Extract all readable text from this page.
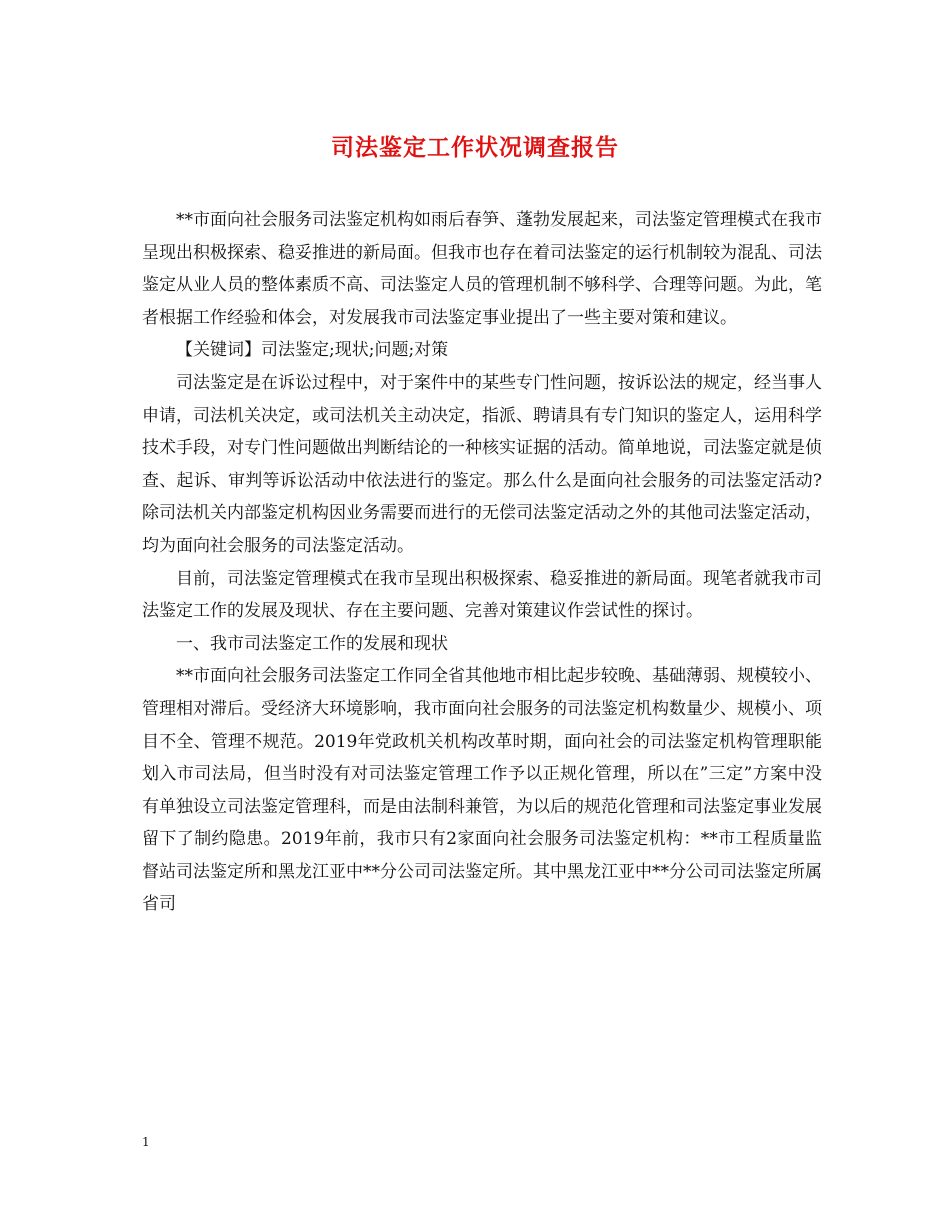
司法鉴定工作状况调查报告

**市面向社会服务司法鉴定机构如雨后春笋、蓬勃发展起来，司法鉴定管理模式在我市呈现出积极探索、稳妥推进的新局面。但我市也存在着司法鉴定的运行机制较为混乱、司法鉴定从业人员的整体素质不高、司法鉴定人员的管理机制不够科学、合理等问题。为此，笔者根据工作经验和体会，对发展我市司法鉴定事业提出了一些主要对策和建议。

【关键词】司法鉴定;现状;问题;对策

司法鉴定是在诉讼过程中，对于案件中的某些专门性问题，按诉讼法的规定，经当事人申请，司法机关决定，或司法机关主动决定，指派、聘请具有专门知识的鉴定人，运用科学技术手段，对专门性问题做出判断结论的一种核实证据的活动。简单地说，司法鉴定就是侦查、起诉、审判等诉讼活动中依法进行的鉴定。那么什么是面向社会服务的司法鉴定活动?除司法机关内部鉴定机构因业务需要而进行的无偿司法鉴定活动之外的其他司法鉴定活动，均为面向社会服务的司法鉴定活动。

目前，司法鉴定管理模式在我市呈现出积极探索、稳妥推进的新局面。现笔者就我市司法鉴定工作的发展及现状、存在主要问题、完善对策建议作尝试性的探讨。

一、我市司法鉴定工作的发展和现状

**市面向社会服务司法鉴定工作同全省其他地市相比起步较晚、基础薄弱、规模较小、管理相对滞后。受经济大环境影响，我市面向社会服务的司法鉴定机构数量少、规模小、项目不全、管理不规范。2019年党政机关机构改革时期，面向社会的司法鉴定机构管理职能划入市司法局，但当时没有对司法鉴定管理工作予以正规化管理，所以在”三定”方案中没有单独设立司法鉴定管理科，而是由法制科兼管，为以后的规范化管理和司法鉴定事业发展留下了制约隐患。2019年前，我市只有2家面向社会服务司法鉴定机构：**市工程质量监督站司法鉴定所和黑龙江亚中**分公司司法鉴定所。其中黑龙江亚中**分公司司法鉴定所属省司

1
